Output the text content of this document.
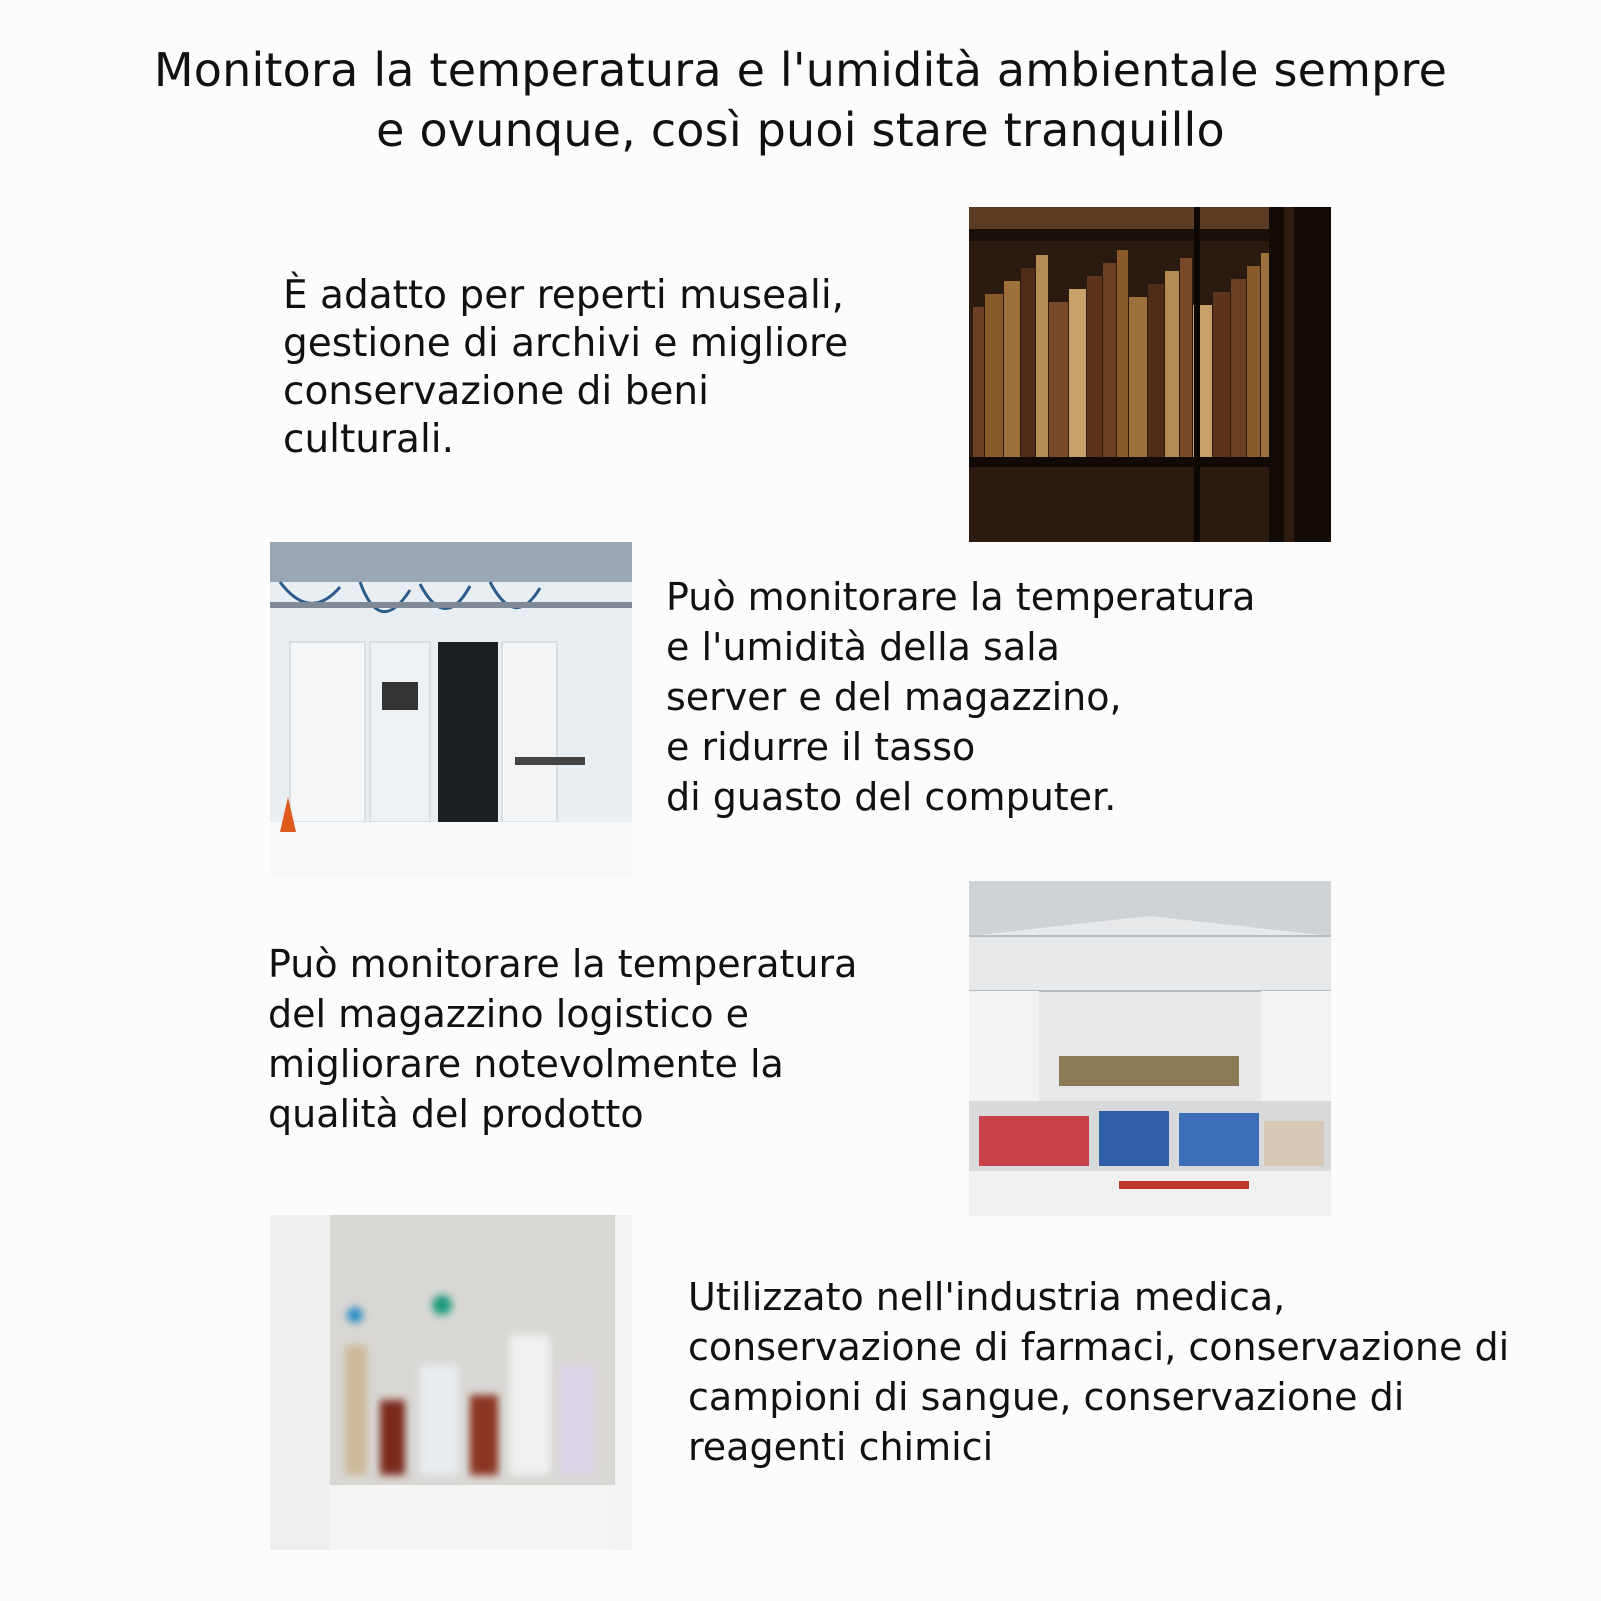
Monitora la temperatura e l'umidità ambientale sempre
e ovunque, così puoi stare tranquillo
È adatto per reperti museali,
gestione di archivi e migliore
conservazione di beni
culturali.
Può monitorare la temperatura
e l'umidità della sala
server e del magazzino,
e ridurre il tasso
di guasto del computer.
Può monitorare la temperatura
del magazzino logistico e
migliorare notevolmente la
qualità del prodotto
Utilizzato nell'industria medica,
conservazione di farmaci, conservazione di
campioni di sangue, conservazione di
reagenti chimici
